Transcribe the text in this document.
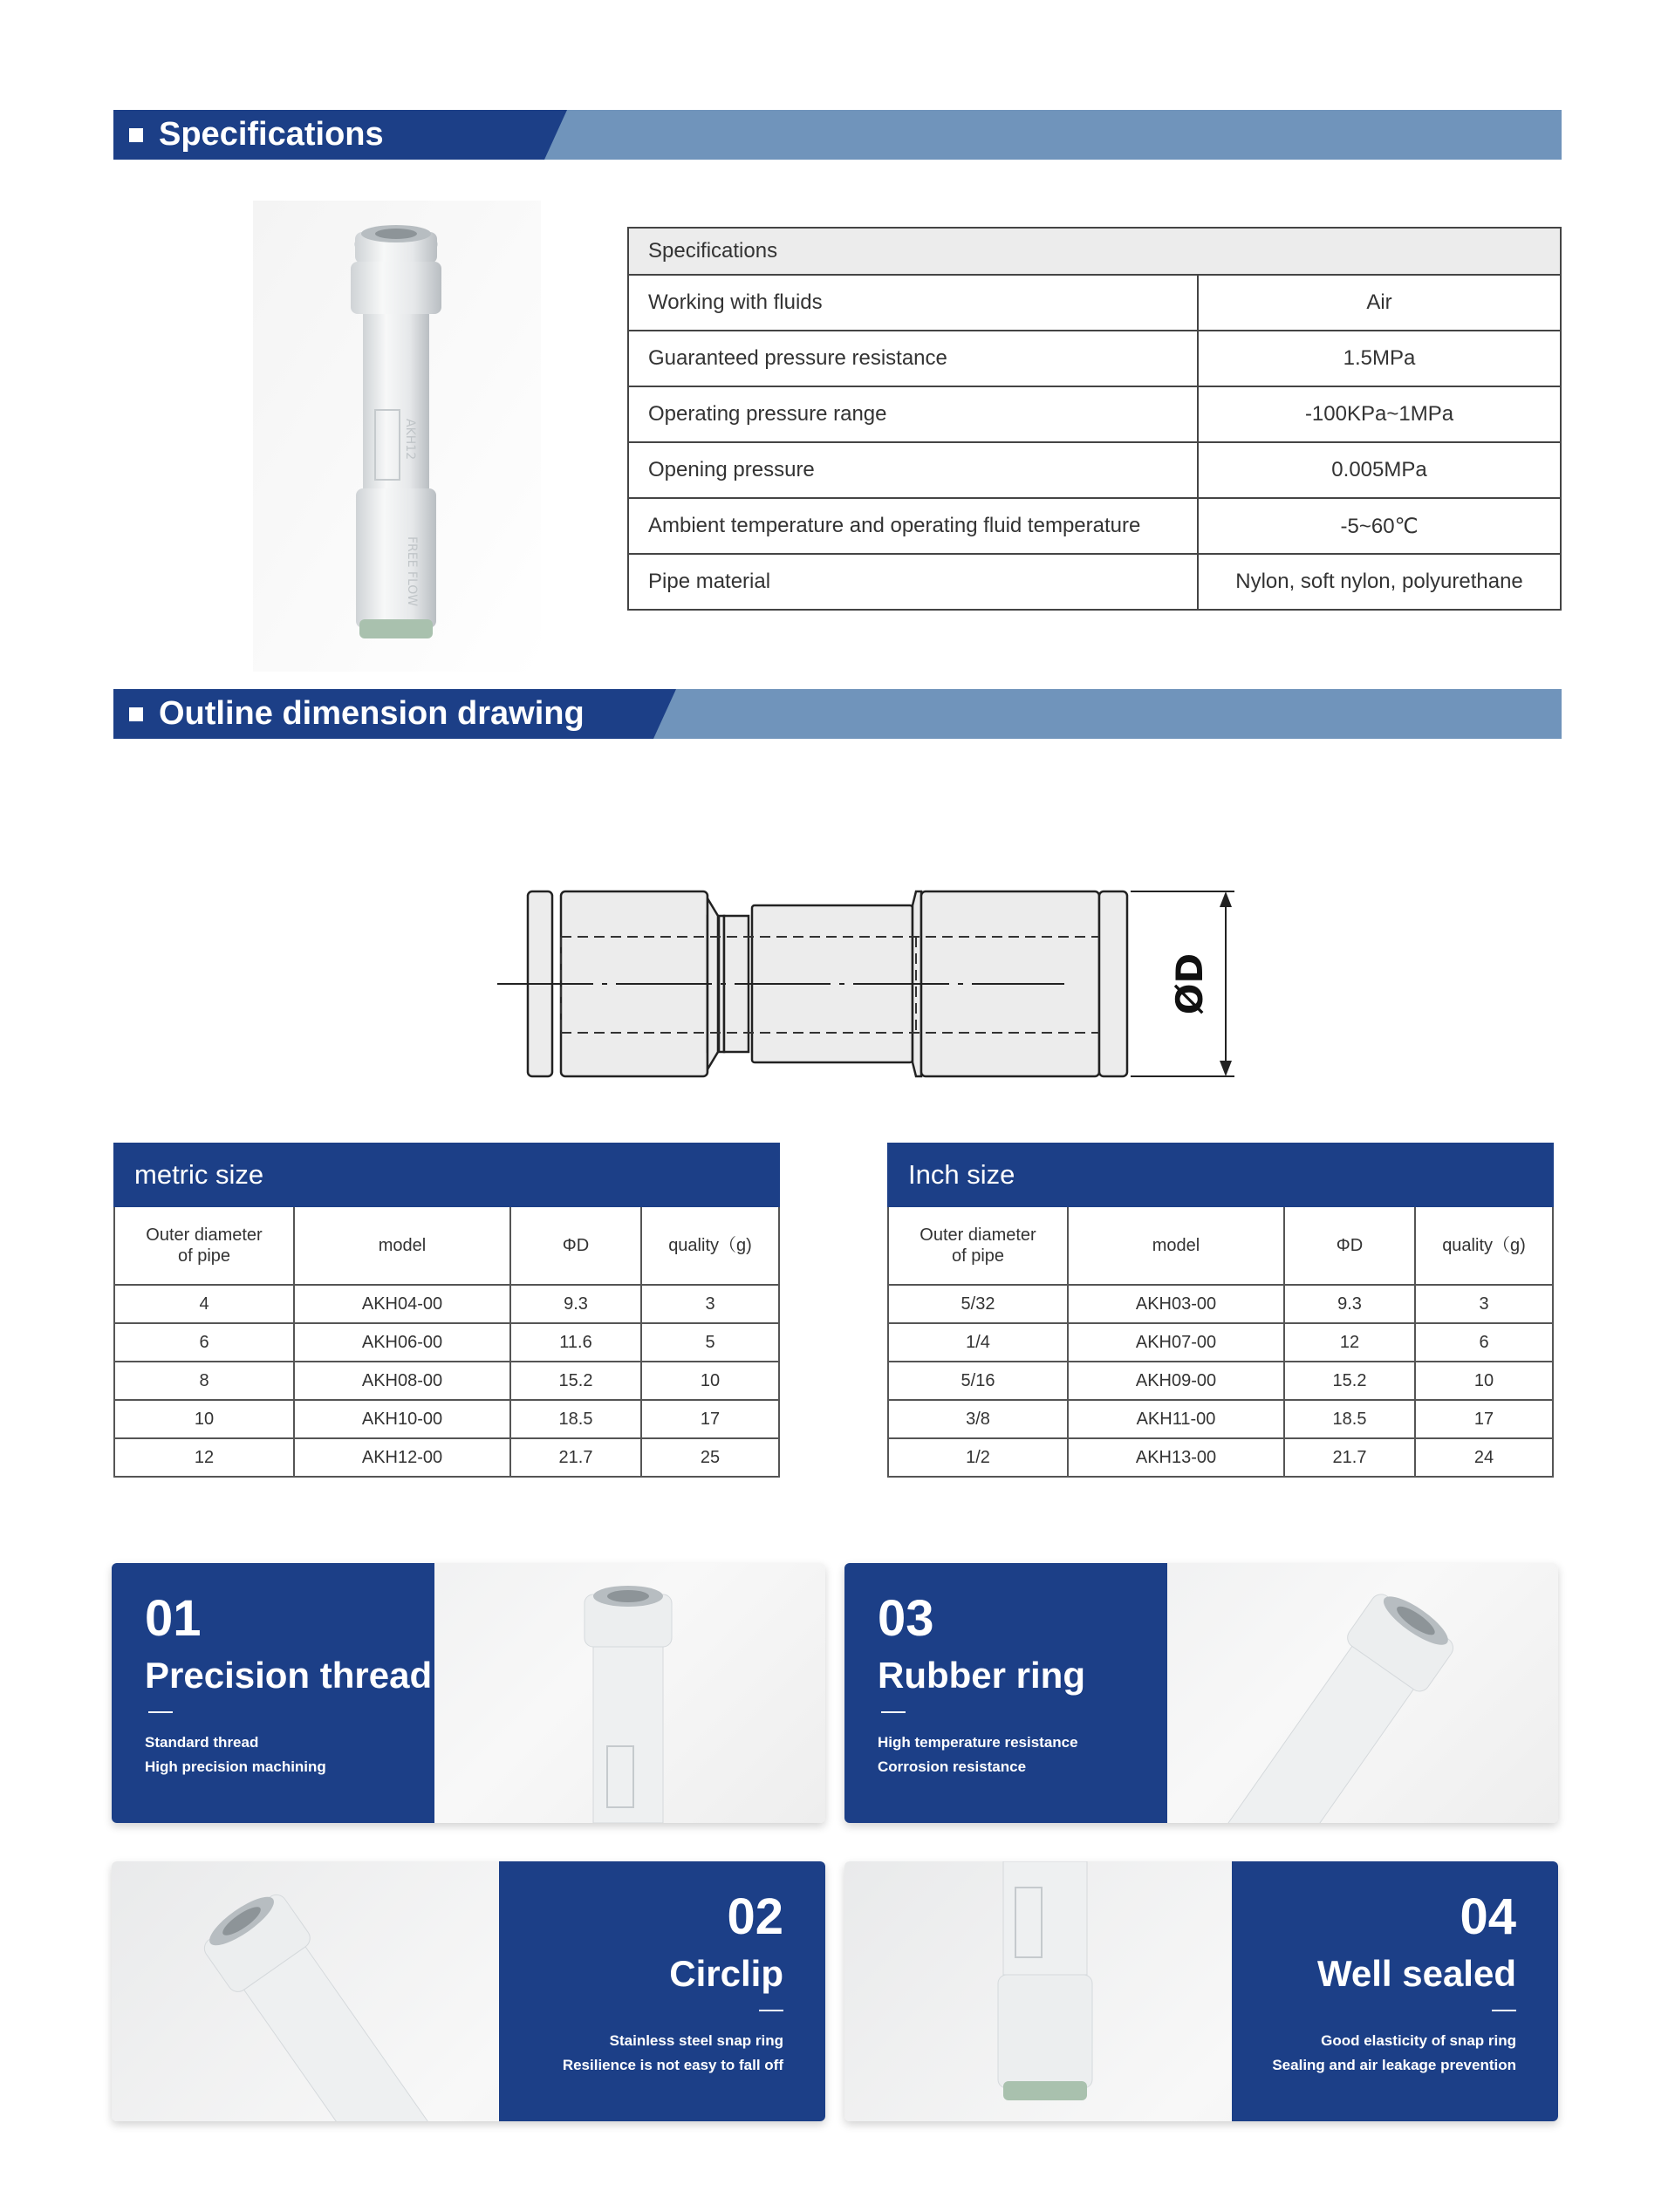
Specifications
AKH12
FREE FLOW
Specifications	
Working with fluids	Air
Guaranteed pressure resistance	1.5MPa
Operating pressure range	-100KPa~1MPa
Opening pressure	0.005MPa
Ambient temperature and operating fluid temperature	-5~60℃
Pipe material	Nylon, soft nylon, polyurethane
Outline dimension drawing
ØD
metric size			
Outer diameter
of pipe	model	ΦD	quality（g)
4	AKH04-00	9.3	3
6	AKH06-00	11.6	5
8	AKH08-00	15.2	10
10	AKH10-00	18.5	17
12	AKH12-00	21.7	25
Inch size			
Outer diameter
of pipe	model	ΦD	quality（g)
5/32	AKH03-00	9.3	3
1/4	AKH07-00	12	6
5/16	AKH09-00	15.2	10
3/8	AKH11-00	18.5	17
1/2	AKH13-00	21.7	24
01
Precision thread
Standard thread
High precision machining
03
Rubber ring
High temperature resistance
Corrosion resistance
02
Circlip
Stainless steel snap ring
Resilience is not easy to fall off
04
Well sealed
Good elasticity of snap ring
Sealing and air leakage prevention
